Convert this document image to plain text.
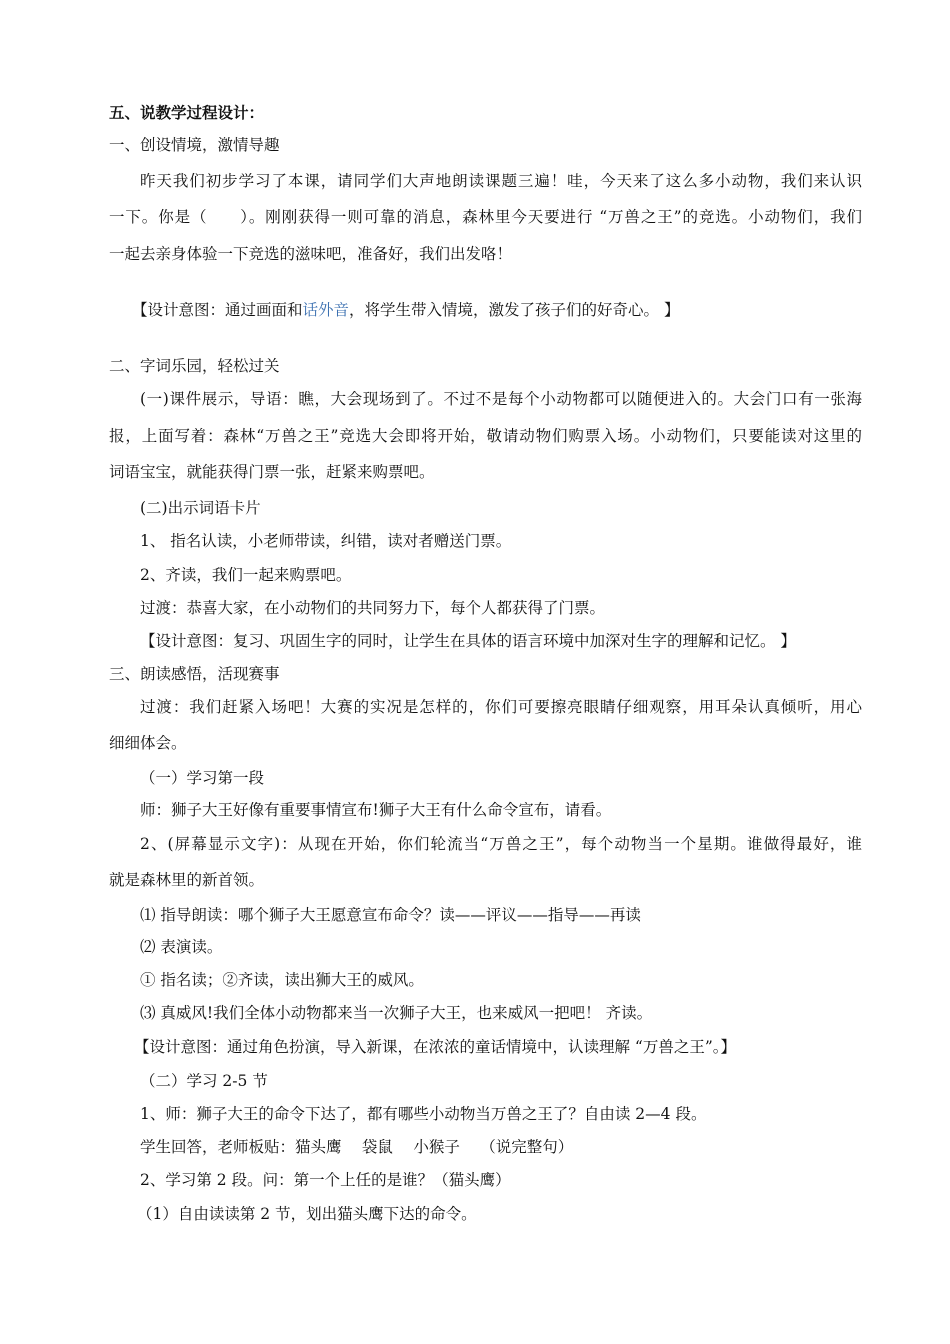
五、说教学过程设计：
一、创设情境，激情导趣
昨天我们初步学习了本课，请同学们大声地朗读课题三遍！哇，今天来了这么多小动物，我们来认识
一下。你是（　　）。刚刚获得一则可靠的消息，森林里今天要进行 “万兽之王”的竞选。小动物们，我们
一起去亲身体验一下竞选的滋味吧，准备好，我们出发咯！
【设计意图：通过画面和话外音，将学生带入情境，激发了孩子们的好奇心。 】
二、字词乐园，轻松过关
(一)课件展示，导语：瞧，大会现场到了。不过不是每个小动物都可以随便进入的。大会门口有一张海
报，上面写着：森林“万兽之王”竞选大会即将开始，敬请动物们购票入场。小动物们，只要能读对这里的
词语宝宝，就能获得门票一张，赶紧来购票吧。
(二)出示词语卡片
1、 指名认读，小老师带读，纠错，读对者赠送门票。
2、齐读，我们一起来购票吧。
过渡：恭喜大家，在小动物们的共同努力下，每个人都获得了门票。
【设计意图：复习、巩固生字的同时，让学生在具体的语言环境中加深对生字的理解和记忆。 】
三、朗读感悟，活现赛事
过渡：我们赶紧入场吧！大赛的实况是怎样的，你们可要擦亮眼睛仔细观察，用耳朵认真倾听，用心
细细体会。
（一）学习第一段
师：狮子大王好像有重要事情宣布!狮子大王有什么命令宣布，请看。
2、(屏幕显示文字)：从现在开始，你们轮流当“万兽之王”，每个动物当一个星期。谁做得最好，谁
就是森林里的新首领。
⑴ 指导朗读：哪个狮子大王愿意宣布命令？读——评议——指导——再读
⑵ 表演读。
① 指名读；②齐读，读出狮大王的威风。
⑶ 真威风!我们全体小动物都来当一次狮子大王，也来威风一把吧！ 齐读。
【设计意图：通过角色扮演，导入新课，在浓浓的童话情境中，认读理解 “万兽之王”。】
（二）学习 2-5 节
1、师：狮子大王的命令下达了，都有哪些小动物当万兽之王了？自由读 2—4 段。
学生回答，老师板贴：猫头鹰　 袋鼠　 小猴子　 （说完整句）
2、学习第 2 段。问：第一个上任的是谁？（猫头鹰）
（1）自由读读第 2 节，划出猫头鹰下达的命令。
